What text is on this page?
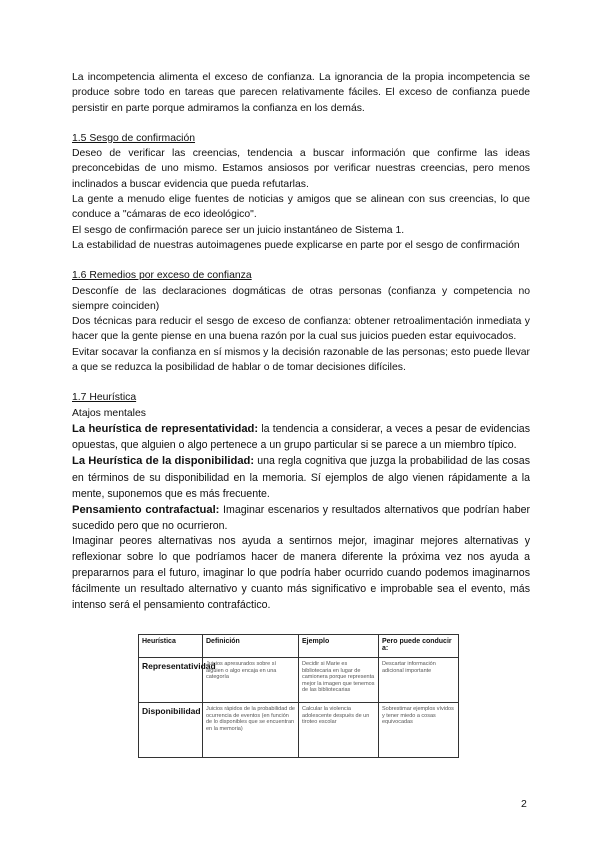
La incompetencia alimenta el exceso de confianza. La ignorancia de la propia incompetencia se produce sobre todo en tareas que parecen relativamente fáciles. El exceso de confianza puede persistir en parte porque admiramos la confianza en los demás.

1.5 Sesgo de confirmación

Deseo de verificar las creencias, tendencia a buscar información que confirme las ideas preconcebidas de uno mismo. Estamos ansiosos por verificar nuestras creencias, pero menos inclinados a buscar evidencia que pueda refutarlas.

La gente a menudo elige fuentes de noticias y amigos que se alinean con sus creencias, lo que conduce a "cámaras de eco ideológico".

El sesgo de confirmación parece ser un juicio instantáneo de Sistema 1.

La estabilidad de nuestras autoimagenes puede explicarse en parte por el sesgo de confirmación

1.6 Remedios por exceso de confianza

Desconfíe de las declaraciones dogmáticas de otras personas (confianza y competencia no siempre coinciden)

Dos técnicas para reducir el sesgo de exceso de confianza: obtener retroalimentación inmediata y hacer que la gente piense en una buena razón por la cual sus juicios pueden estar equivocados.

Evitar socavar la confianza en sí mismos y la decisión razonable de las personas; esto puede llevar a que se reduzca la posibilidad de hablar o de tomar decisiones difíciles.

1.7 Heurística

Atajos mentales

La heurística de representatividad: la tendencia a considerar, a veces a pesar de evidencias opuestas, que alguien o algo pertenece a un grupo particular si se parece a un miembro típico.

La Heurística de la disponibilidad: una regla cognitiva que juzga la probabilidad de las cosas en términos de su disponibilidad en la memoria. Sí ejemplos de algo vienen rápidamente a la mente, suponemos que es más frecuente.

Pensamiento contrafactual: Imaginar escenarios y resultados alternativos que podrían haber sucedido pero que no ocurrieron.

Imaginar peores alternativas nos ayuda a sentirnos mejor, imaginar mejores alternativas y reflexionar sobre lo que podríamos hacer de manera diferente la próxima vez nos ayuda a prepararnos para el futuro, imaginar lo que podría haber ocurrido cuando podemos imaginarnos fácilmente un resultado alternativo y cuanto más significativo e improbable sea el evento, más intenso será el pensamiento contrafáctico.

Heurística	Definición	Ejemplo	Pero puede conducir a:
Representatividad	Juicios apresurados sobre sí alguien o algo encaja en una categoría	Decidir si Marie es bibliotecaria en lugar de camionera porque representa mejor la imagen que tenemos de las bibliotecarias	Descartar información adicional importante
Disponibilidad	Juicios rápidos de la probabilidad de ocurrencia de eventos (en función de lo disponibles que se encuentran en la memoria)	Calcular la violencia adolescente después de un tiroteo escolar	Sobrestimar ejemplos vívidos y tener miedo a cosas equivocadas
2
